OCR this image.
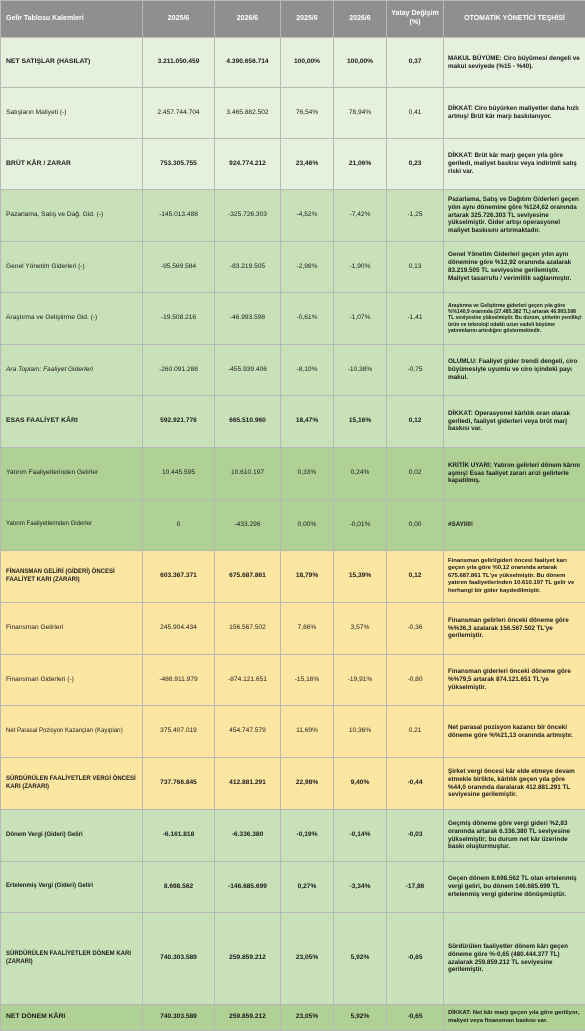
Gelir Tablosu Kalemleri	2025/6	2026/6	2025/6	2026/6	Yatay Değişim (%)	OTOMATİK YÖNETİCİ TEŞHİSİ
NET SATIŞLAR (HASILAT)	3.211.050.459	4.390.656.714	100,00%	100,00%	0,37	MAKUL BÜYÜME: Ciro büyümesi dengeli ve makul seviyede (%15 - %40).
Satışların Maliyeti (-)	2.457.744.704	3.465.882.502	76,54%	78,94%	0,41	DİKKAT: Ciro büyürken maliyetler daha hızlı artmış! Brüt kâr marjı baskılanıyor.
BRÜT KÂR / ZARAR	753.305.755	924.774.212	23,46%	21,06%	0,23	DİKKAT: Brüt kâr marjı geçen yıla göre geriledi, maliyet baskısı veya indirimli satış riski var.
Pazarlama, Satış ve Dağ. Gid. (-)	-145.013.488	-325.726.303	-4,52%	-7,42%	-1,25	Pazarlama, Satış ve Dağıtım Giderleri geçen yılın aynı dönemine göre %124,62 oranında artarak 325.726.303 TL seviyesine yükselmiştir. Gider artışı operasyonel maliyet baskısını artırmaktadır.
Genel Yönetim Giderleri (-)	-95.569.584	-83.219.505	-2,98%	-1,90%	0,13	Genel Yönetim Giderleri geçen yılın aynı dönemine göre %12,92 oranında azalarak 83.219.505 TL seviyesine gerilemiştir. Maliyet tasarrufu / verimlilik sağlanmıştır.
Araştırma ve Geliştirme Gid. (-)	-19.508.216	-46.993.598	-0,61%	-1,07%	-1,41	Araştırma ve Geliştirme giderleri geçen yıla göre %%140,9 oranında (27.485.382 TL) artarak 46.993.598 TL seviyesine yükselmiştir. Bu durum, şirketin yenilikçi ürün ve teknoloji odaklı uzun vadeli büyüme yatırımlarını artırdığını göstermektedir.
Ara Toplam: Faaliyet Giderleri	-260.091.288	-455.939.406	-8,10%	-10,38%	-0,75	OLUMLU: Faaliyet gider trendi dengeli, ciro büyümesiyle uyumlu ve ciro içindeki payı makul.
ESAS FAALİYET KÂRI	592.921.776	665.510.960	18,47%	15,16%	0,12	DİKKAT: Operasyonel kârlılık oran olarak geriledi, faaliyet giderleri veya brüt marj baskısı var.
Yatırım Faaliyetlerinden Gelirler	10.445.595	10.610.197	0,33%	0,24%	0,02	KRİTİK UYARI: Yatırım gelirleri dönem kârını aşmış! Esas faaliyet zararı arızi gelirlerle kapatılmış.
Yatırım Faaliyetlerinden Giderler	0	-433.296	0,00%	-0,01%	0,00	#SAYI/0!
FİNANSMAN GELİRİ (GİDERİ) ÖNCESİ FAALİYET KARI (ZARARI)	603.367.371	675.687.861	18,79%	15,39%	0,12	Finansman geliri/gideri öncesi faaliyet karı geçen yıla göre %0,12 oranında artarak 675.687.861 TL'ye yükselmiştir. Bu dönem yatırım faaliyetlerinden 10.610.197 TL gelir ve herhangi bir gider kaydedilmiştir.
Finansman Gelirleri	245.904.434	156.567.502	7,66%	3,57%	-0,36	Finansman gelirleri önceki döneme göre %%36,3 azalarak 156.567.502 TL'ye gerilemiştir.
Finansman Giderleri (-)	-486.911.979	-874.121.651	-15,16%	-19,91%	-0,80	Finansman giderleri önceki döneme göre %%79,5 artarak 874.121.651 TL'ye yükselmiştir.
Net Parasal Pozisyon Kazançları (Kayıpları)	375.407.019	454.747.579	11,69%	10,36%	0,21	Net parasal pozisyon kazancı bir önceki döneme göre %%21,13 oranında artmıştır.
SÜRDÜRÜLEN FAALİYETLER VERGİ ÖNCESİ KARI (ZARARI)	737.766.845	412.881.291	22,98%	9,40%	-0,44	Şirket vergi öncesi kâr elde etmeye devam etmekle birlikte, kârlılık geçen yıla göre %44,0 oranında daralarak 412.881.291 TL seviyesine gerilemiştir.
Dönem Vergi (Gideri) Geliri	-6.161.818	-6.336.380	-0,19%	-0,14%	-0,03	Geçmiş döneme göre vergi gideri %2,83 oranında artarak 6.336.380 TL seviyesine yükselmiştir; bu durum net kâr üzerinde baskı oluşturmuştur.
Ertelenmiş Vergi (Gideri) Geliri	8.698.562	-146.685.699	0,27%	-3,34%	-17,86	Geçen dönem 8.698.562 TL olan ertelenmiş vergi geliri, bu dönem 146.685.699 TL ertelenmiş vergi giderine dönüşmüştür.
SÜRDÜRÜLEN FAALİYETLER DÖNEM KARI (ZARARI)	740.303.589	259.859.212	23,05%	5,92%	-0,65	Sürdürülen faaliyetler dönem kârı geçen döneme göre %-0,65 (480.444.377 TL) azalarak 259.859.212 TL seviyesine gerilemiştir.
NET DÖNEM KÂRI	740.303.589	259.859.212	23,05%	5,92%	-0,65	DİKKAT: Net kâr marjı geçen yıla göre geriliyor, maliyet veya finansman baskısı var.
